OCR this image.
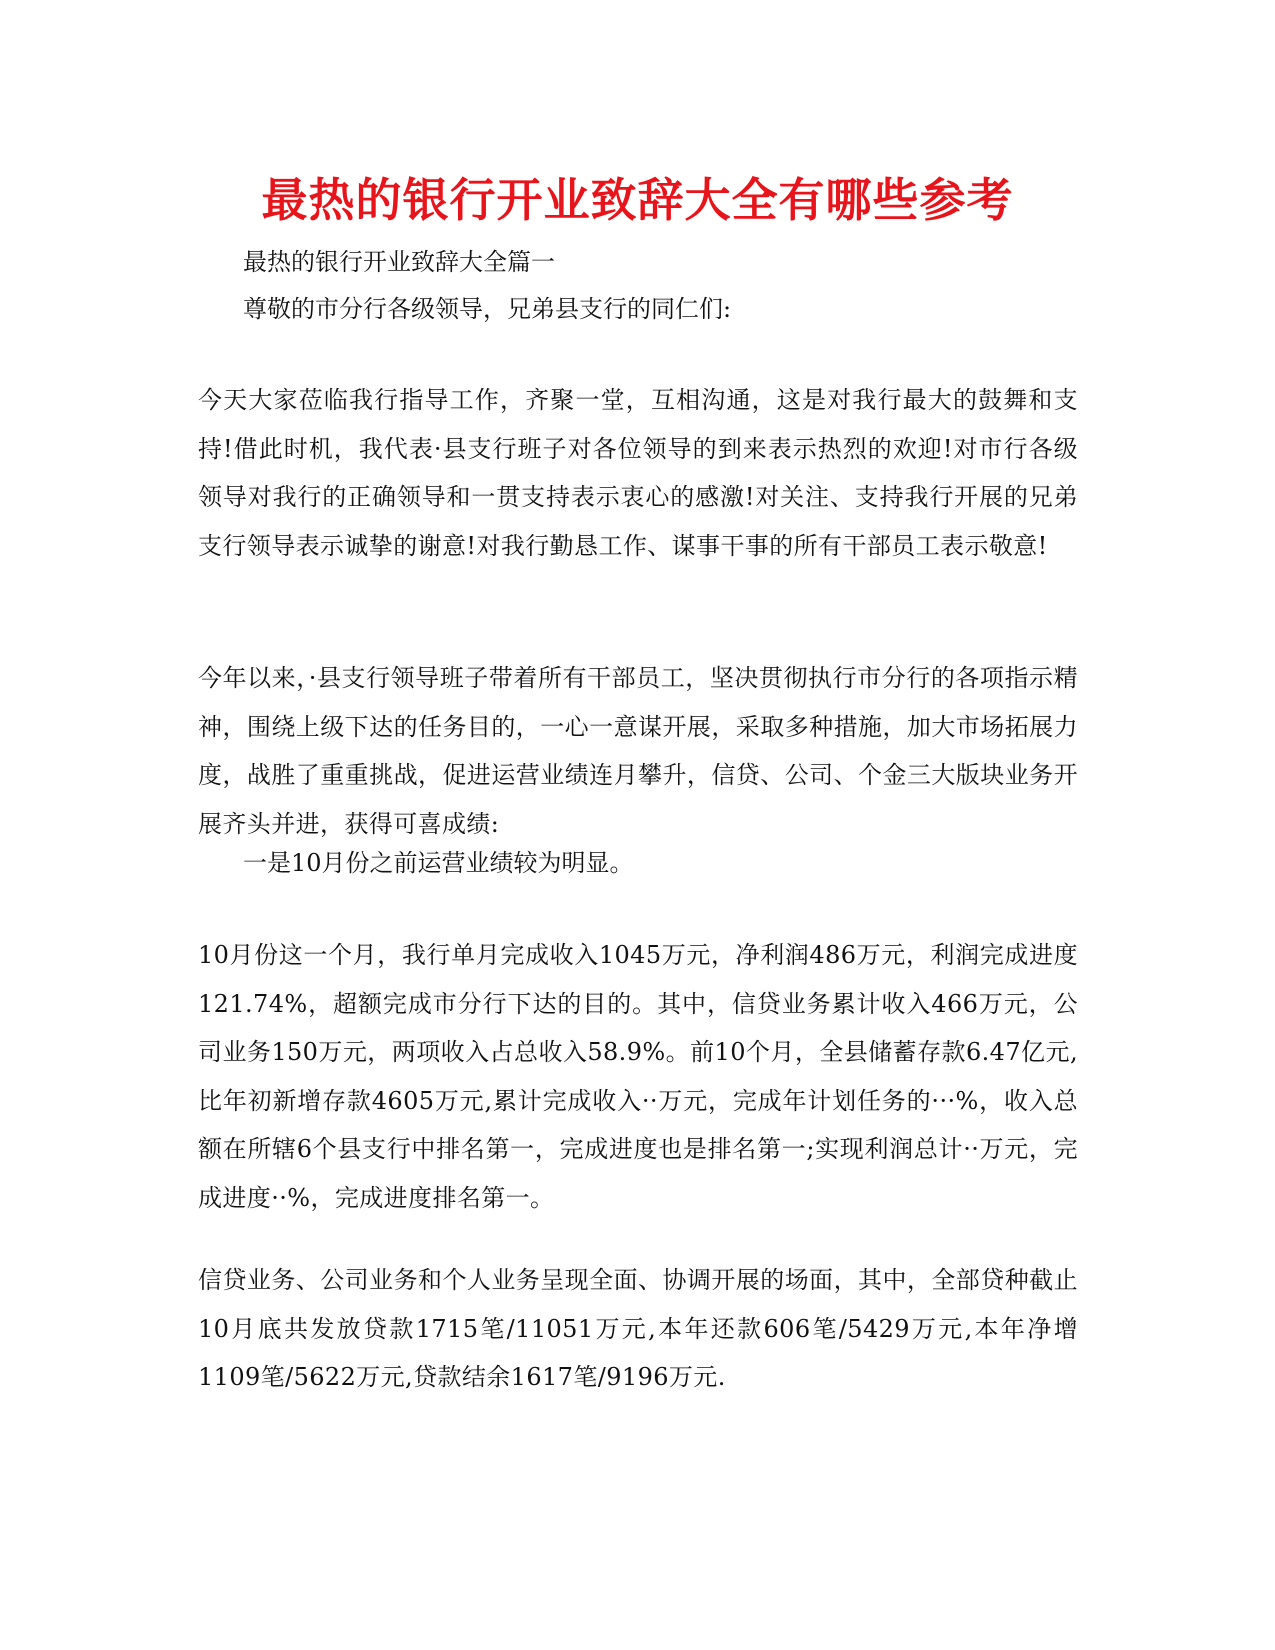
最热的银行开业致辞大全有哪些参考
最热的银行开业致辞大全篇一
尊敬的市分行各级领导，兄弟县支行的同仁们:
今天大家莅临我行指导工作，齐聚一堂，互相沟通，这是对我行最大的鼓舞和支持!借此时机，我代表·县支行班子对各位领导的到来表示热烈的欢迎!对市行各级领导对我行的正确领导和一贯支持表示衷心的感激!对关注、支持我行开展的兄弟支行领导表示诚挚的谢意!对我行勤恳工作、谋事干事的所有干部员工表示敬意!
今年以来，·县支行领导班子带着所有干部员工，坚决贯彻执行市分行的各项指示精神，围绕上级下达的任务目的，一心一意谋开展，采取多种措施，加大市场拓展力度，战胜了重重挑战，促进运营业绩连月攀升，信贷、公司、个金三大版块业务开展齐头并进，获得可喜成绩:
一是10月份之前运营业绩较为明显。
10月份这一个月，我行单月完成收入1045万元，净利润486万元，利润完成进度121.74%，超额完成市分行下达的目的。其中，信贷业务累计收入466万元，公司业务150万元，两项收入占总收入58.9%。前10个月，全县储蓄存款6.47亿元,比年初新增存款4605万元,累计完成收入··万元，完成年计划任务的···%，收入总额在所辖6个县支行中排名第一，完成进度也是排名第一;实现利润总计··万元，完成进度··%，完成进度排名第一。
信贷业务、公司业务和个人业务呈现全面、协调开展的场面，其中，全部贷种截止10月底共发放贷款1715笔/11051万元,本年还款606笔/5429万元,本年净增1109笔/5622万元,贷款结余1617笔/9196万元.
